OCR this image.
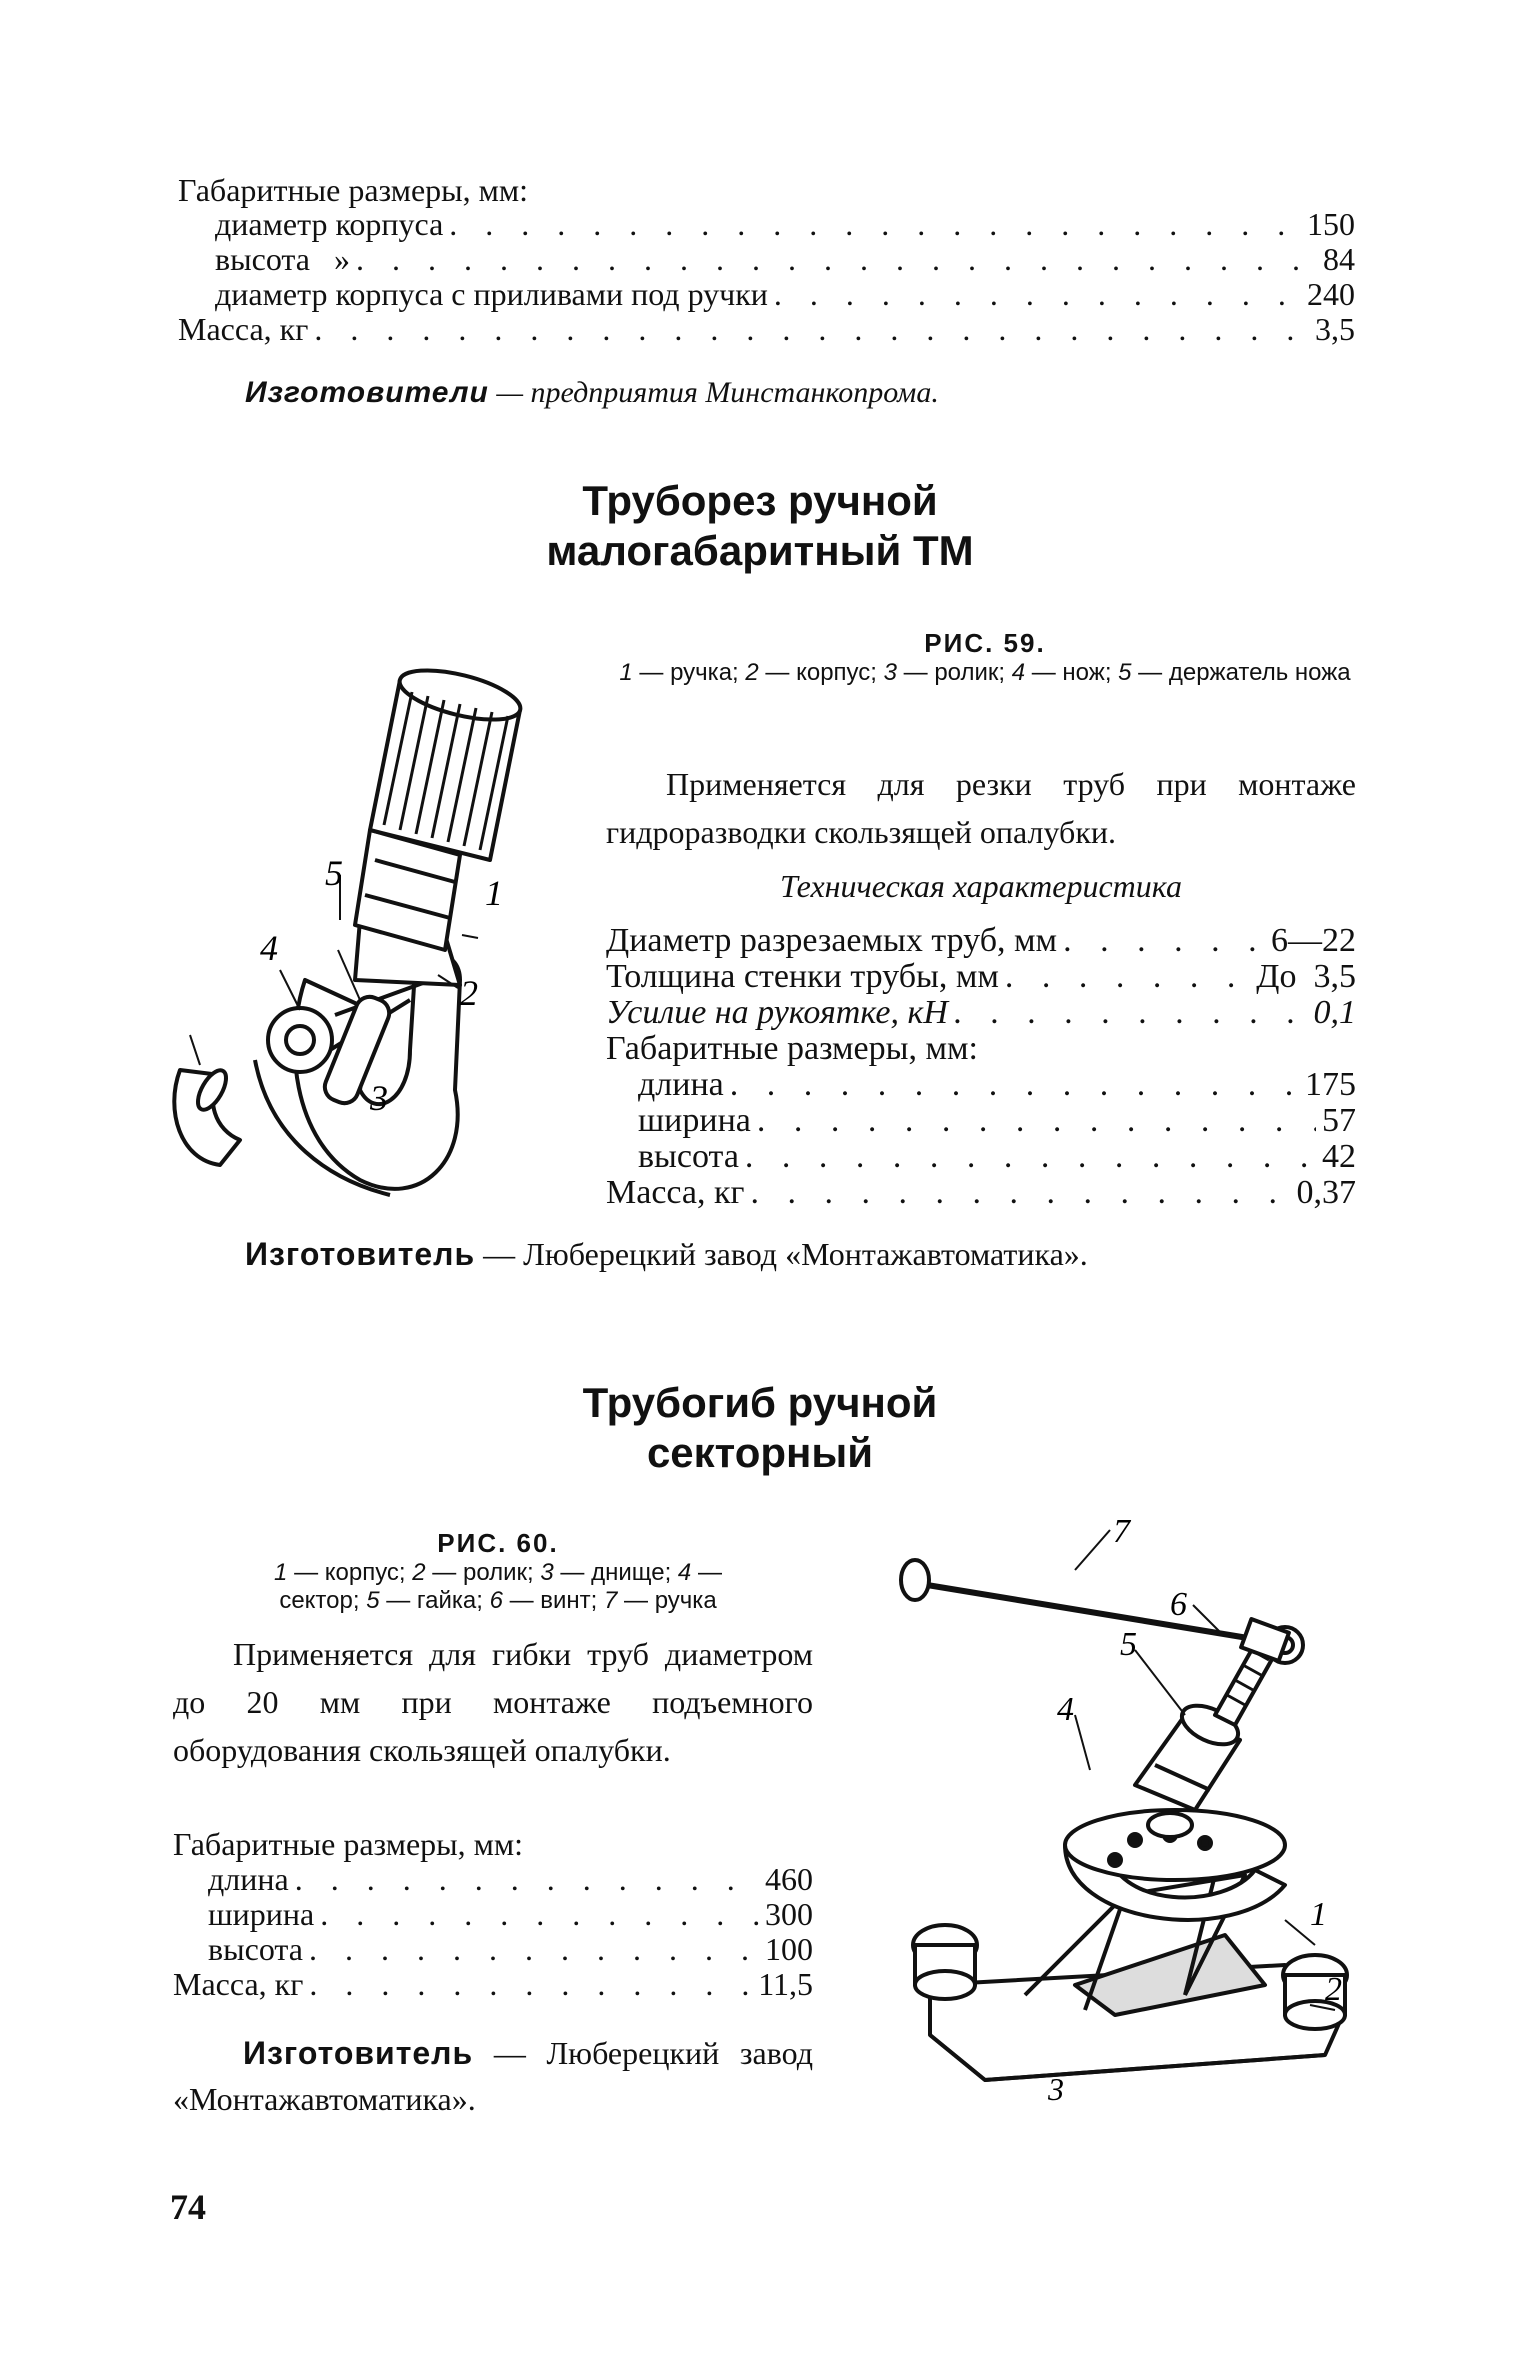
Габаритные размеры, мм:
диаметр корпуса . . .	150
высота   » . . .	84
диаметр корпуса с приливами под ручки . . .	240
Масса, кг . . .	3,5
Изготовители — предприятия Минстанкопрома.
Труборез ручной
малогабаритный ТМ
1
2
3
4
5
РИС. 59.
1 — ручка; 2 — корпус; 3 — ролик; 4 — нож; 5 — держатель ножа
Применяется для резки труб при монтаже гидроразводки скользящей опалубки.
Техническая характеристика
Диаметр разрезаемых труб, мм . . .	6—22
Толщина стенки трубы, мм . . .	До  3,5
Усилие на рукоятке, кН . . .	0,1
Габаритные размеры, мм:
длина . . .	175
ширина . . .	57
высота . . .	42
Масса, кг . . .	0,37
Изготовитель — Люберецкий завод «Монтажавтоматика».
Трубогиб ручной
секторный
РИС. 60.
1 — корпус; 2 — ролик; 3 — днище; 4 —
сектор; 5 — гайка; 6 — винт; 7 — ручка
Применяется для гибки труб диаметром до 20 мм при монтаже подъемного оборудования скользящей опалубки.
Габаритные размеры, мм:
длина . . .	460
ширина . . .	300
высота . . .	100
Масса, кг . . .	11,5
Изготовитель — Люберецкий завод «Монтажавтоматика».
6
7
5
4
1
2
3
74
